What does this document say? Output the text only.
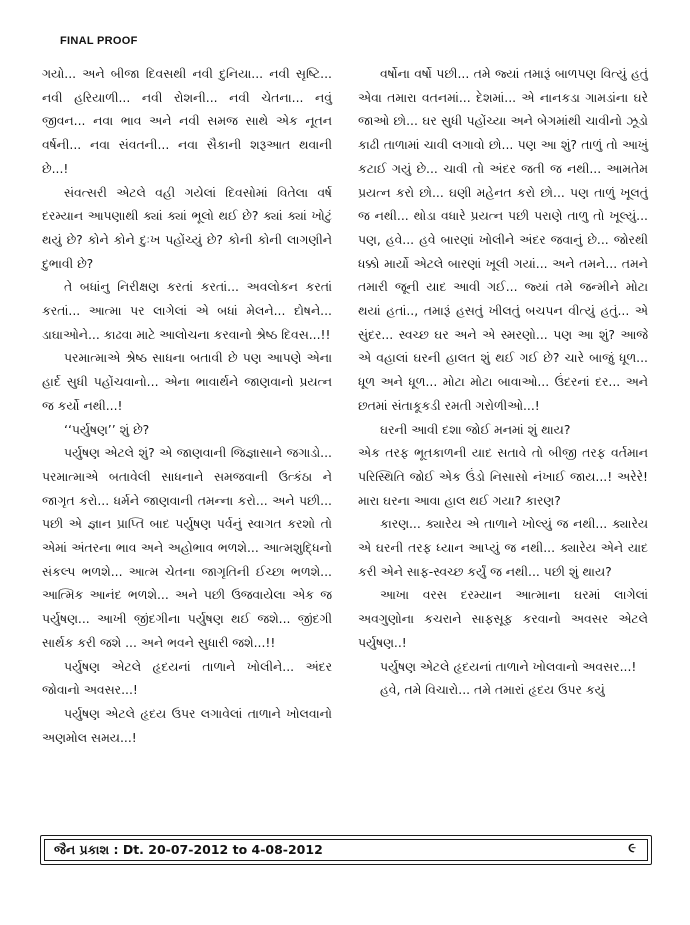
FINAL PROOF

ગયો... અને બીજા દિવસથી નવી દુનિયા... નવી સૃષ્ટિ... નવી હરિયાળી... નવી રોશની... નવી ચેતના... નવું જીવન... નવા ભાવ અને નવી સમજ સાથે એક નૂતન વર્ષની... નવા સંવતની... નવા સૈકાની શરૂઆત થવાની છે...!

સંવત્સરી એટલે વહી ગયેલાં દિવસોમાં વિતેલા વર્ષ દરમ્યાન આપણાથી ક્યાં ક્યાં ભૂલો થઈ છે? ક્યાં ક્યાં ખોટું થયું છે? કોને કોને દુઃખ પહોંચ્યું છે? કોની કોની લાગણીને દુભાવી છે?

તે બધાંનુ નિરીક્ષણ કરતાં કરતાં... અવલોકન કરતાં કરતાં... આત્મા પર લાગેલાં એ બધાં મેલને... દોષને... ડાઘાઓને... કાઢવા માટે આલોચના કરવાનો શ્રેષ્ઠ દિવસ...!!

પરમાત્માએ શ્રેષ્ઠ સાધના બતાવી છે પણ આપણે એના હાર્દ સુધી પહોંચવાનો... એના ભાવાર્થને જાણવાનો પ્રયત્ન જ કર્યો નથી...!

‘‘પર્યુષણ’’ શું છે?

પર્યુષણ એટલે શું? એ જાણવાની જિજ્ઞાસાને જગાડો... પરમાત્માએ બતાવેલી સાધનાને સમજવાની ઉત્કંઠા ને જાગૃત કરો... ધર્મને જાણવાની તમન્ના કરો... અને પછી... પછી એ જ્ઞાન પ્રાપ્તિ બાદ પર્યુષણ પર્વનું સ્વાગત કરશો તો એમાં અંતરના ભાવ અને અહોભાવ ભળશે... આત્મશુદ્ધિનો સંકલ્પ ભળશે... આત્મ ચેતના જાગૃતિની ઈચ્છા ભળશે... આત્મિક આનંદ ભળશે... અને પછી ઉજવાયેલા એક જ પર્યુષણ... આખી જીંદગીના પર્યુષણ થઈ જશે... જીંદગી સાર્થક કરી જશે ... અને ભવને સુધારી જશે...!!

પર્યુષણ એટલે હૃદયનાં તાળાને ખોલીને... અંદર જોવાનો અવસર...!

પર્યુષણ એટલે હૃદય ઉપર લગાવેલાં તાળાને ખોલવાનો અણમોલ સમય...!

વર્ષોના વર્ષો પછી... તમે જ્યાં તમારૂં બાળપણ વિત્યું હતું એવા તમારા વતનમાં... દેશમાં... એ નાનકડા ગામડાંના ઘરે જાઓ છો... ઘર સુધી પહોંચ્યા અને બેગમાંથી ચાવીનો ઝૂડો કાઢી તાળામાં ચાવી લગાવો છો... પણ આ શું? તાળું તો આખું કટાઈ ગયું છે... ચાવી તો અંદર જતી જ નથી... આમતેમ પ્રયત્ન કરો છો... ઘણી મહેનત કરો છો... પણ તાળું ખૂલતું જ નથી... થોડા વધારે પ્રયત્ન પછી પરાણે તાળુ તો ખૂલ્યું... પણ, હવે... હવે બારણાં ખોલીને અંદર જવાનું છે... જોરથી ધક્કો માર્યો એટલે બારણાં ખૂલી ગયાં... અને તમને... તમને તમારી જૂની યાદ આવી ગઈ... જ્યાં તમે જન્મીને મોટા થયાં હતાં.., તમારૂં હસતું ખીલતું બચપન વીત્યું હતું... એ સુંદર... સ્વચ્છ ઘર અને એ સ્મરણો... પણ આ શું? આજે એ વહાલાં ઘરની હાલત શું થઈ ગઈ છે? ચારે બાજું ધૂળ... ધૂળ અને ધૂળ... મોટા મોટા બાવાઓ... ઉંદરનાં દર... અને છતમાં સંતાકૂકડી રમતી ગરોળીઓ...!

ઘરની આવી દશા જોઈ મનમાં શું થાય?

એક તરફ ભૂતકાળની યાદ સતાવે તો બીજી તરફ વર્તમાન પરિસ્થિતિ જોઈ એક ઉંડો નિસાસો નંખાઈ જાય...! અરેરે! મારા ઘરના આવા હાલ થઈ ગયા? કારણ?

કારણ... ક્યારેય એ તાળાને ખોલ્યું જ નથી... ક્યારેય એ ઘરની તરફ ધ્યાન આપ્યું જ નથી... ક્યારેય એને યાદ કરી એને સાફ-સ્વચ્છ કર્યું જ નથી... પછી શું થાય?

આખા વરસ દરમ્યાન આત્માના ઘરમાં લાગેલાં અવગુણોના કચરાને સાફસૂફ કરવાનો અવસર એટલે પર્યુષણ..!

પર્યુષણ એટલે હૃદયનાં તાળાને ખોલવાનો અવસર...!

હવે, તમે વિચારો... તમે તમારાં હૃદય ઉપર કયું

જૈન પ્રકાશ : Dt. 20-07-2012 to 4-08-2012	૯
